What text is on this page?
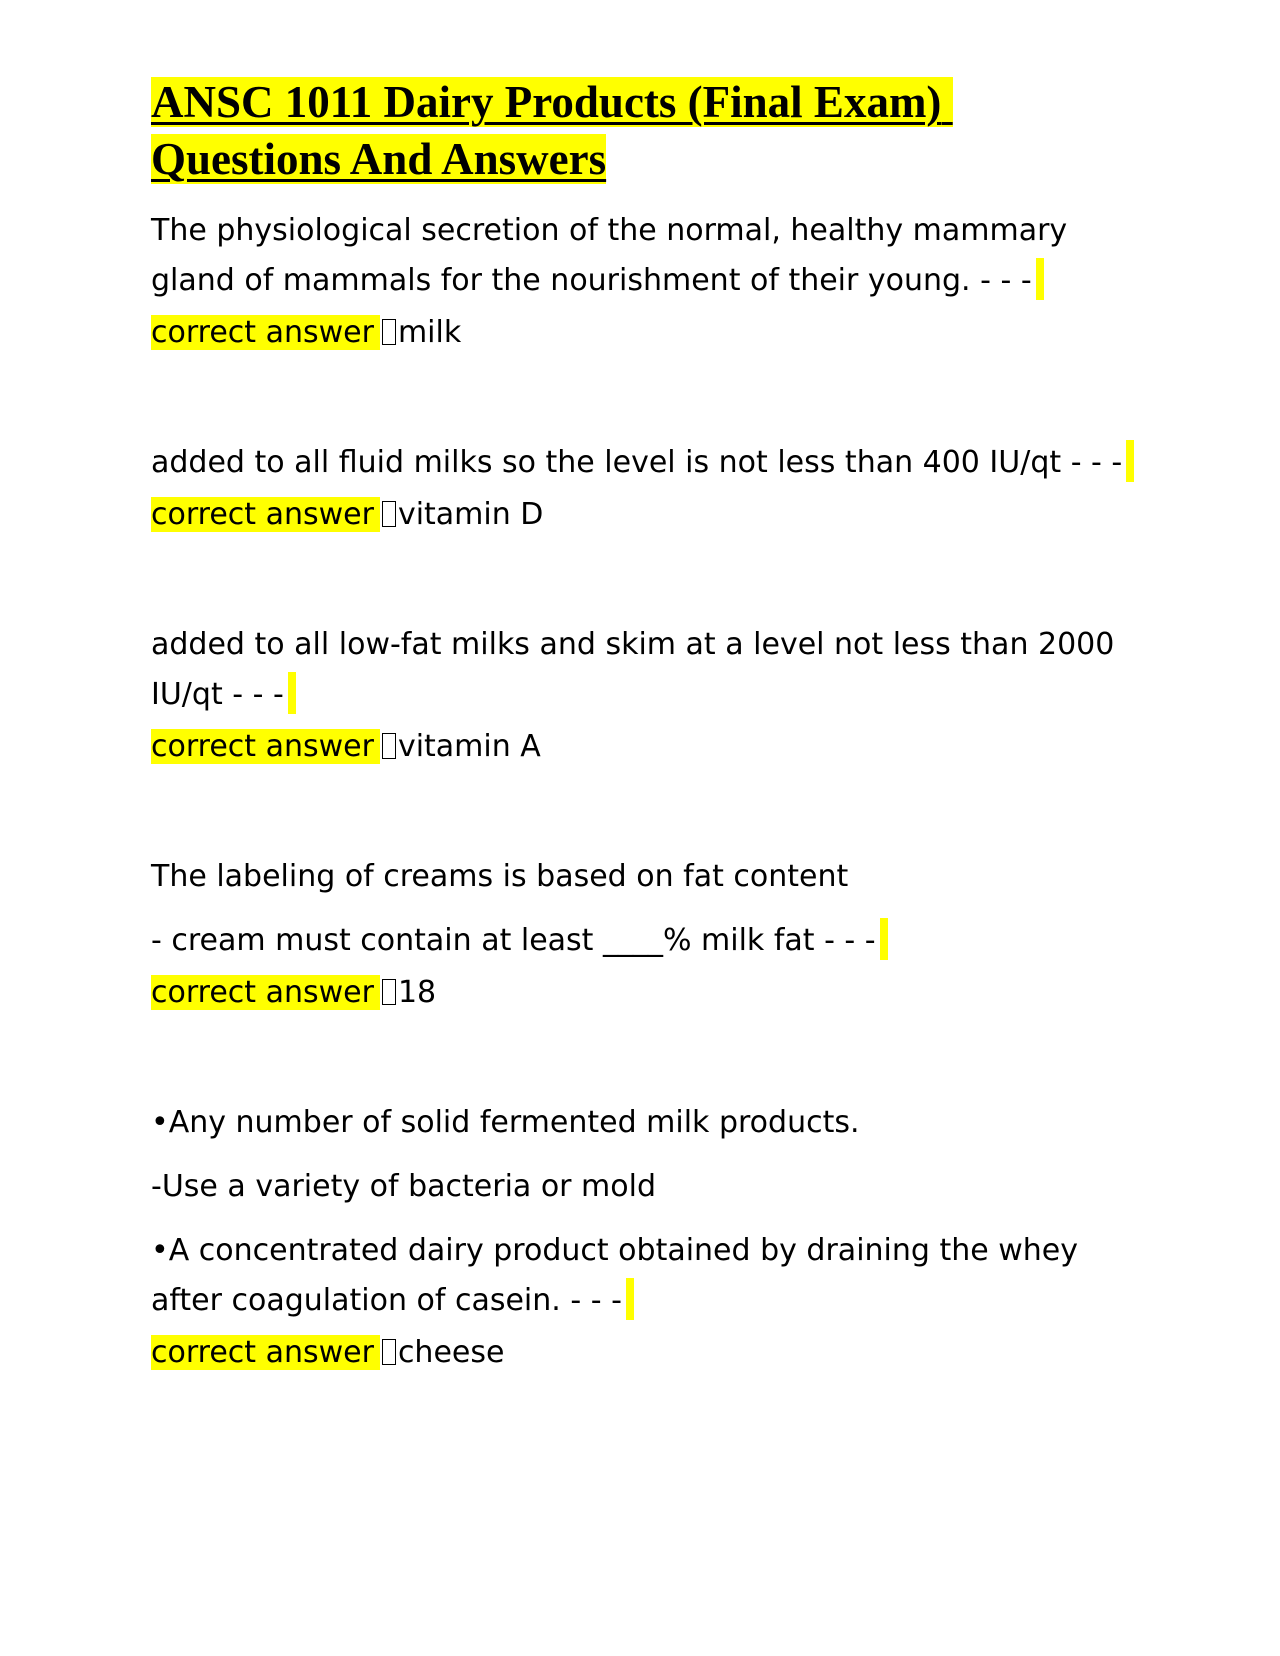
ANSC 1011 Dairy Products (Final Exam)
Questions And Answers

The physiological secretion of the normal, healthy mammary gland of mammals for the nourishment of their young. - - -

correct answer milk

added to all fluid milks so the level is not less than 400 IU/qt - - -

correct answer vitamin D

added to all low-fat milks and skim at a level not less than 2000 IU/qt - - -

correct answer vitamin A

The labeling of creams is based on fat content

- cream must contain at least ____% milk fat - - -

correct answer 18

•Any number of solid fermented milk products.

-Use a variety of bacteria or mold

•A concentrated dairy product obtained by draining the whey after coagulation of casein. - - -

correct answer cheese
